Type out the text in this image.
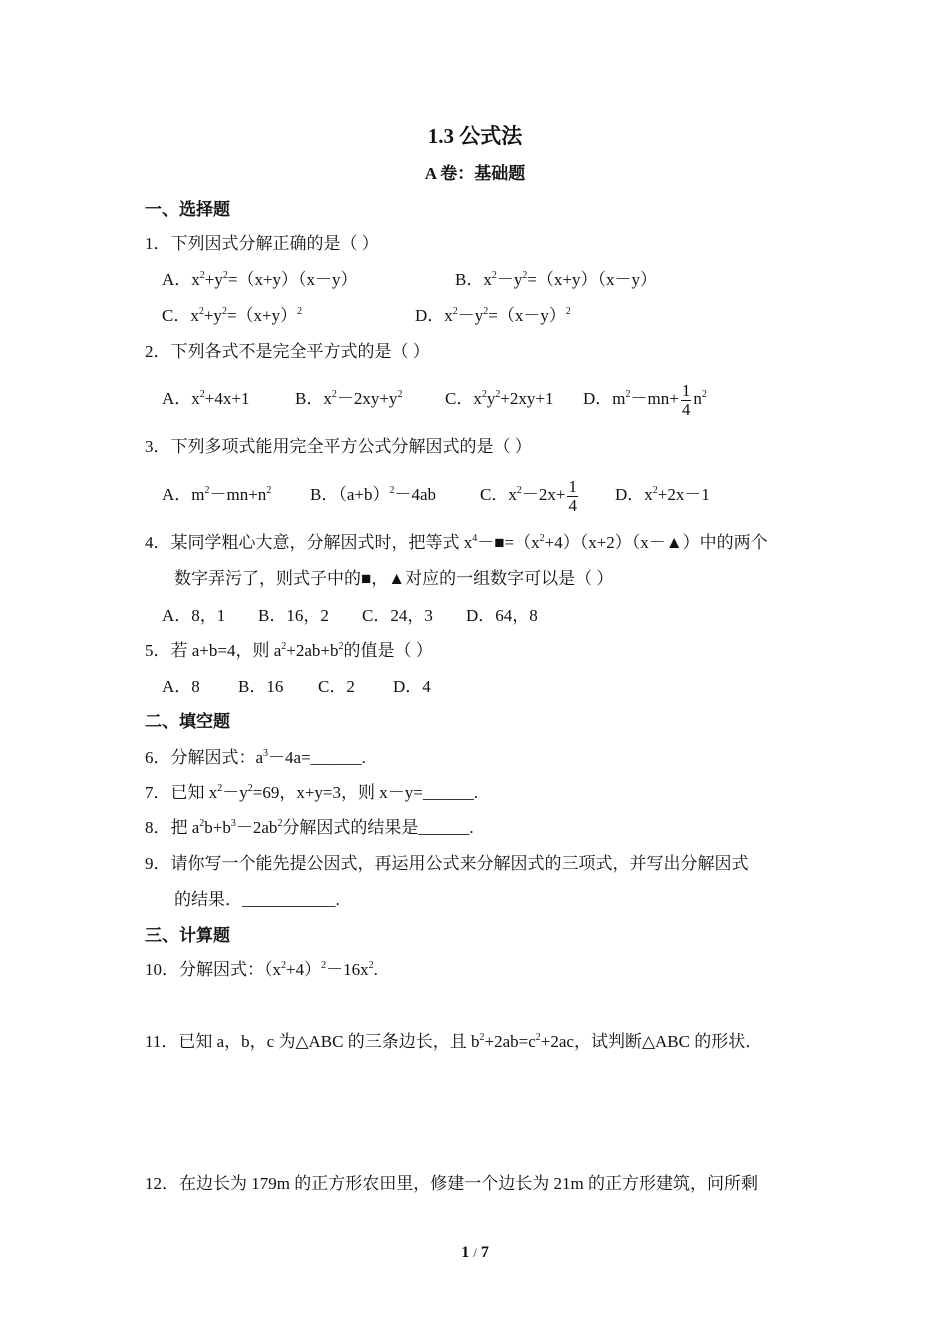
1.3 公式法
A 卷：基础题
一、选择题
1．下列因式分解正确的是（ ）
A．$x^2+y^2=(x+y)(x-y)$	B．$x^2-y^2=(x+y)(x-y)$
C．$x^2+y^2=(x+y)^2$	D．$x^2-y^2=(x-y)^2$
2．下列各式不是完全平方式的是（ ）
A．$x^2+4x+1$	B．$x^2-2xy+y^2$	C．$x^2y^2+2xy+1$ D．$m^2-mn+ \frac{1}{4} n^2$
3．下列多项式能用完全平方公式分解因式的是（ ）
A．$m^2-mn+n^2$ B．$(a+b)^2-4ab$	C．$x^2-2x+ \frac{1}{4}$ D．$x^2+2x-1$
4．某同学粗心大意，分解因式时，把等式 $x^4-■=(x^2+4)(x+2)(x-▲)$中的两个
数字弄污了，则式子中的■，▲对应的一组数字可以是（ ）
A．8，1 B．16，2 C．24，3 D．64，8
5．若 a+b=4，则 $a^2+2ab+b^2$的值是（ ）
A．8 B．16 C．2 D．4
二、填空题
6．分解因式：$a^3-4a=\_\_\_\_\_\_$.
7．已知 $x^2-y^2=69$，x+y=3，则 x－y=______.
8．把 $a^2b+b^3-2ab^2$分解因式的结果是______.
9．请你写一个能先提公因式，再运用公式来分解因式的三项式，并写出分解因式
的结果．___________.
三、计算题
10．分解因式：$(x^2+4)^2-16x^2$.
11．已知 a，b，c 为△ABC 的三条边长，且 $b^2+2ab=c^2+2ac$，试判断△ABC 的形状．
12．在边长为 179m 的正方形农田里，修建一个边长为 21m 的正方形建筑，问所剩
1 / 7
